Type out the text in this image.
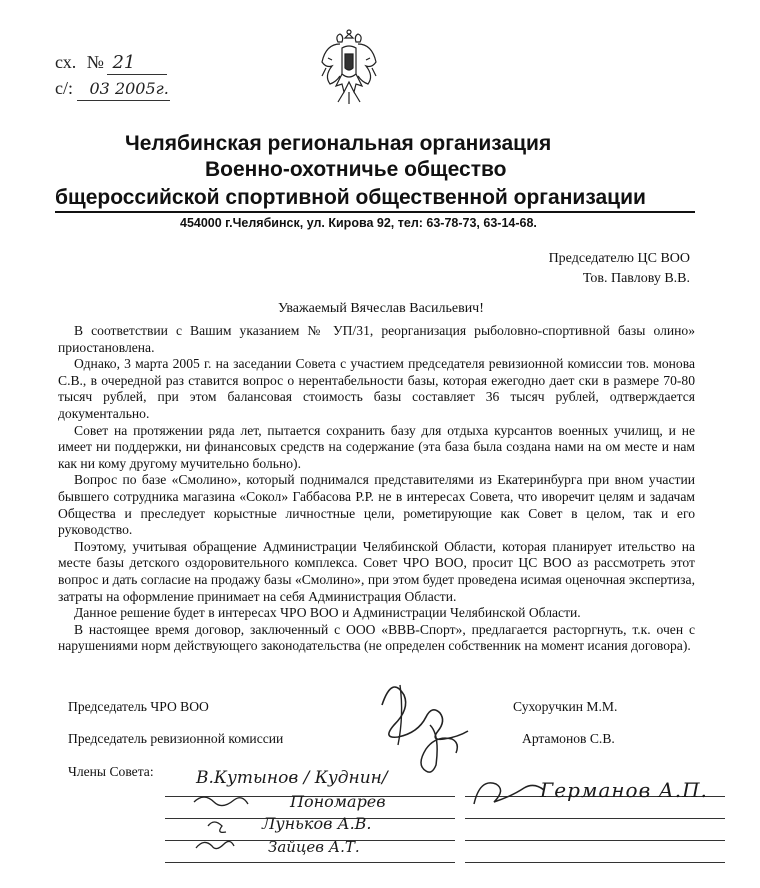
сх. № 21
с/: 03 2005г.
Челябинская региональная организация
Военно-охотничье общество
бщероссийской спортивной общественной организации
454000 г.Челябинск, ул. Кирова 92, тел: 63-78-73, 63-14-68.
Председателю ЦС ВОО
Тов. Павлову В.В.
Уважаемый Вячеслав Васильевич!

В соответствии с Вашим указанием № УП/31, реорганизация рыболовно-спортивной базы олино» приостановлена.

Однако, 3 марта 2005 г. на заседании Совета с участием председателя ревизионной комиссии тов. монова С.В., в очередной раз ставится вопрос о нерентабельности базы, которая ежегодно дает ски в размере 70-80 тысяч рублей, при этом балансовая стоимость базы составляет 36 тысяч рублей, одтверждается документально.

Совет на протяжении ряда лет, пытается сохранить базу для отдыха курсантов военных училищ, и не имеет ни поддержки, ни финансовых средств на содержание (эта база была создана нами на ом месте и нам как ни кому другому мучительно больно).

Вопрос по базе «Смолино», который поднимался представителями из Екатеринбурга при вном участии бывшего сотрудника магазина «Сокол» Габбасова Р.Р. не в интересах Совета, что иворечит целям и задачам Общества и преследует корыстные личностные цели, рометирующие как Совет в целом, так и его руководство.

Поэтому, учитывая обращение Администрации Челябинской Области, которая планирует ительство на месте базы детского оздоровительного комплекса. Совет ЧРО ВОО, просит ЦС ВОО аз рассмотреть этот вопрос и дать согласие на продажу базы «Смолино», при этом будет проведена исимая оценочная экспертиза, затраты на оформление принимает на себя Администрация Области.

Данное решение будет в интересах ЧРО ВОО и Администрации Челябинской Области.

В настоящее время договор, заключенный с ООО «ВВВ-Спорт», предлагается расторгнуть, т.к. очен с нарушениями норм действующего законодательства (не определен собственник на момент исания договора).

Председатель ЧРО ВОО	Сухоручкин М.М.
Председатель ревизионной комиссии	Артамонов С.В.
Члены Совета: В.Кутынов / Куднин/
Пономарев
Луньков А.В.
Зайцев А.Т.
Германов А.П.
